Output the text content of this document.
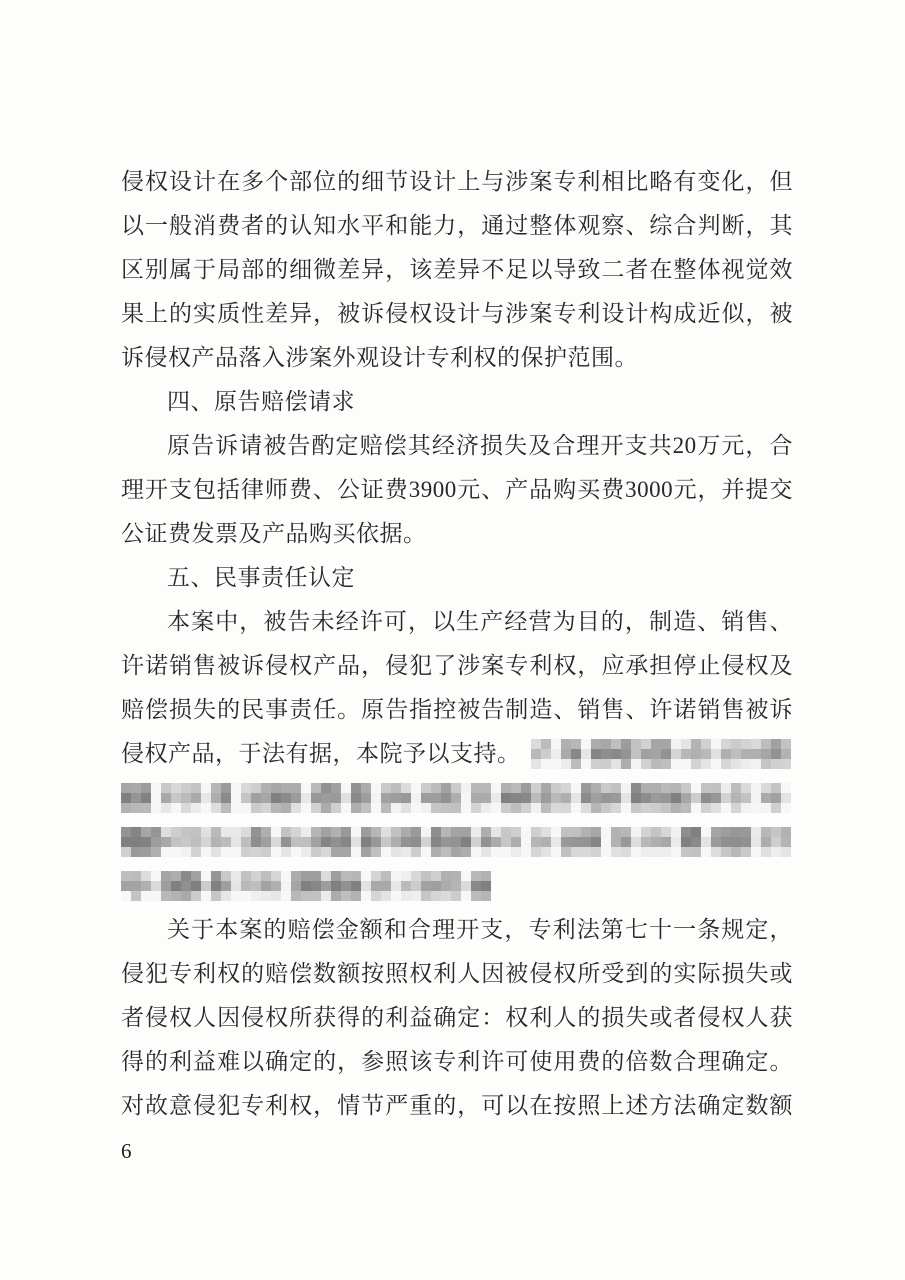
侵权设计在多个部位的细节设计上与涉案专利相比略有变化，但
以一般消费者的认知水平和能力，通过整体观察、综合判断，其
区别属于局部的细微差异，该差异不足以导致二者在整体视觉效
果上的实质性差异，被诉侵权设计与涉案专利设计构成近似，被
诉侵权产品落入涉案外观设计专利权的保护范围。
四、原告赔偿请求
原告诉请被告酌定赔偿其经济损失及合理开支共20万元，合
理开支包括律师费、公证费3900元、产品购买费3000元，并提交
公证费发票及产品购买依据。
五、民事责任认定
本案中，被告未经许可，以生产经营为目的，制造、销售、
许诺销售被诉侵权产品，侵犯了涉案专利权，应承担停止侵权及
赔偿损失的民事责任。原告指控被告制造、销售、许诺销售被诉
侵权产品，于法有据，本院予以支持。
关于本案的赔偿金额和合理开支，专利法第七十一条规定，
侵犯专利权的赔偿数额按照权利人因被侵权所受到的实际损失或
者侵权人因侵权所获得的利益确定：权利人的损失或者侵权人获
得的利益难以确定的，参照该专利许可使用费的倍数合理确定。
对故意侵犯专利权，情节严重的，可以在按照上述方法确定数额
6
